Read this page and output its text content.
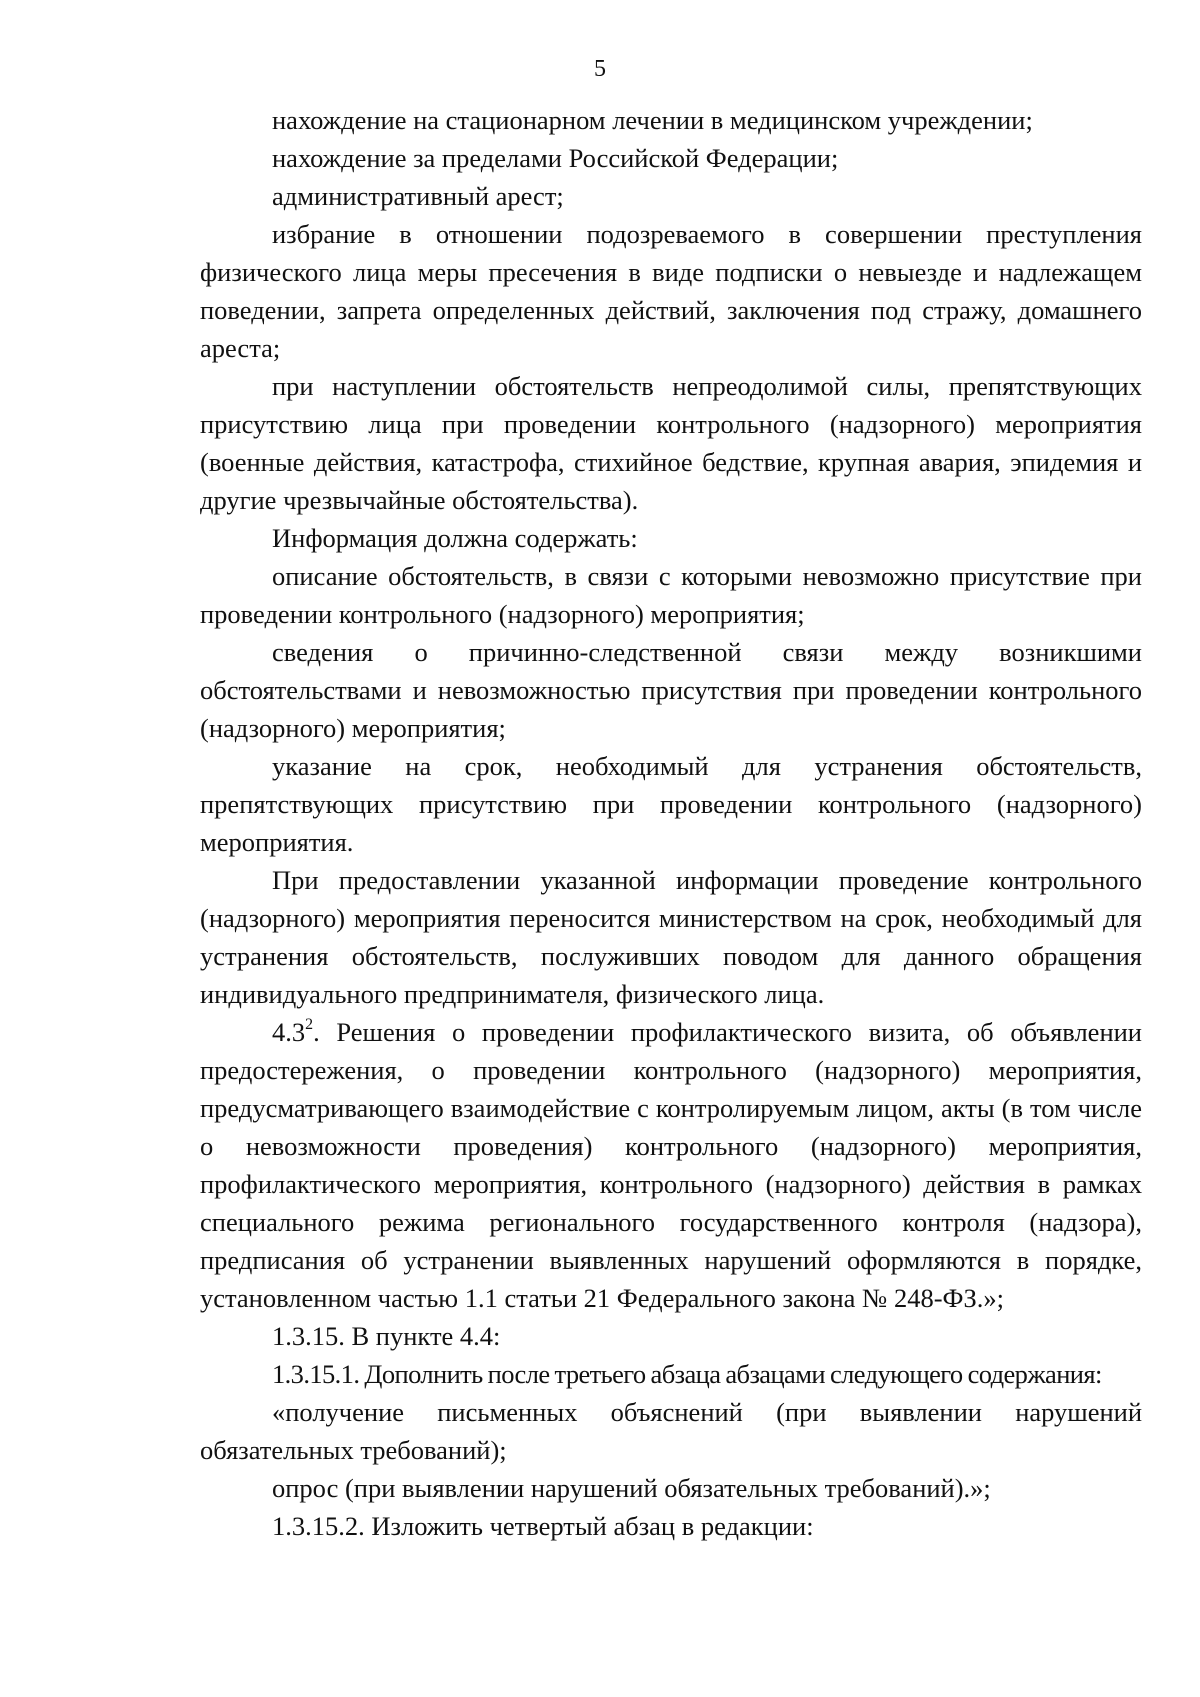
5

нахождение на стационарном лечении в медицинском учреждении;

нахождение за пределами Российской Федерации;

административный арест;

избрание в отношении подозреваемого в совершении преступления физического лица меры пресечения в виде подписки о невыезде и надлежащем поведении, запрета определенных действий, заключения под стражу, домашнего ареста;

при наступлении обстоятельств непреодолимой силы, препятствующих присутствию лица при проведении контрольного (надзорного) мероприятия (военные действия, катастрофа, стихийное бедствие, крупная авария, эпидемия и другие чрезвычайные обстоятельства).

Информация должна содержать:

описание обстоятельств, в связи с которыми невозможно присутствие при проведении контрольного (надзорного) мероприятия;

сведения о причинно-следственной связи между возникшими обстоятельствами и невозможностью присутствия при проведении контрольного (надзорного) мероприятия;

указание на срок, необходимый для устранения обстоятельств, препятствующих присутствию при проведении контрольного (надзорного) мероприятия.

При предоставлении указанной информации проведение контрольного (надзорного) мероприятия переносится министерством на срок, необходимый для устранения обстоятельств, послуживших поводом для данного обращения индивидуального предпринимателя, физического лица.

$4.3^2$. Решения о проведении профилактического визита, об объявлении предостережения, о проведении контрольного (надзорного) мероприятия, предусматривающего взаимодействие с контролируемым лицом, акты (в том числе о невозможности проведения) контрольного (надзорного) мероприятия, профилактического мероприятия, контрольного (надзорного) действия в рамках специального режима регионального государственного контроля (надзора), предписания об устранении выявленных нарушений оформляются в порядке, установленном частью 1.1 статьи 21 Федерального закона № 248-ФЗ.»;

1.3.15. В пункте 4.4:

1.3.15.1. Дополнить после третьего абзаца абзацами следующего содержания:

«получение письменных объяснений (при выявлении нарушений обязательных требований);

опрос (при выявлении нарушений обязательных требований).»;

1.3.15.2. Изложить четвертый абзац в редакции:
